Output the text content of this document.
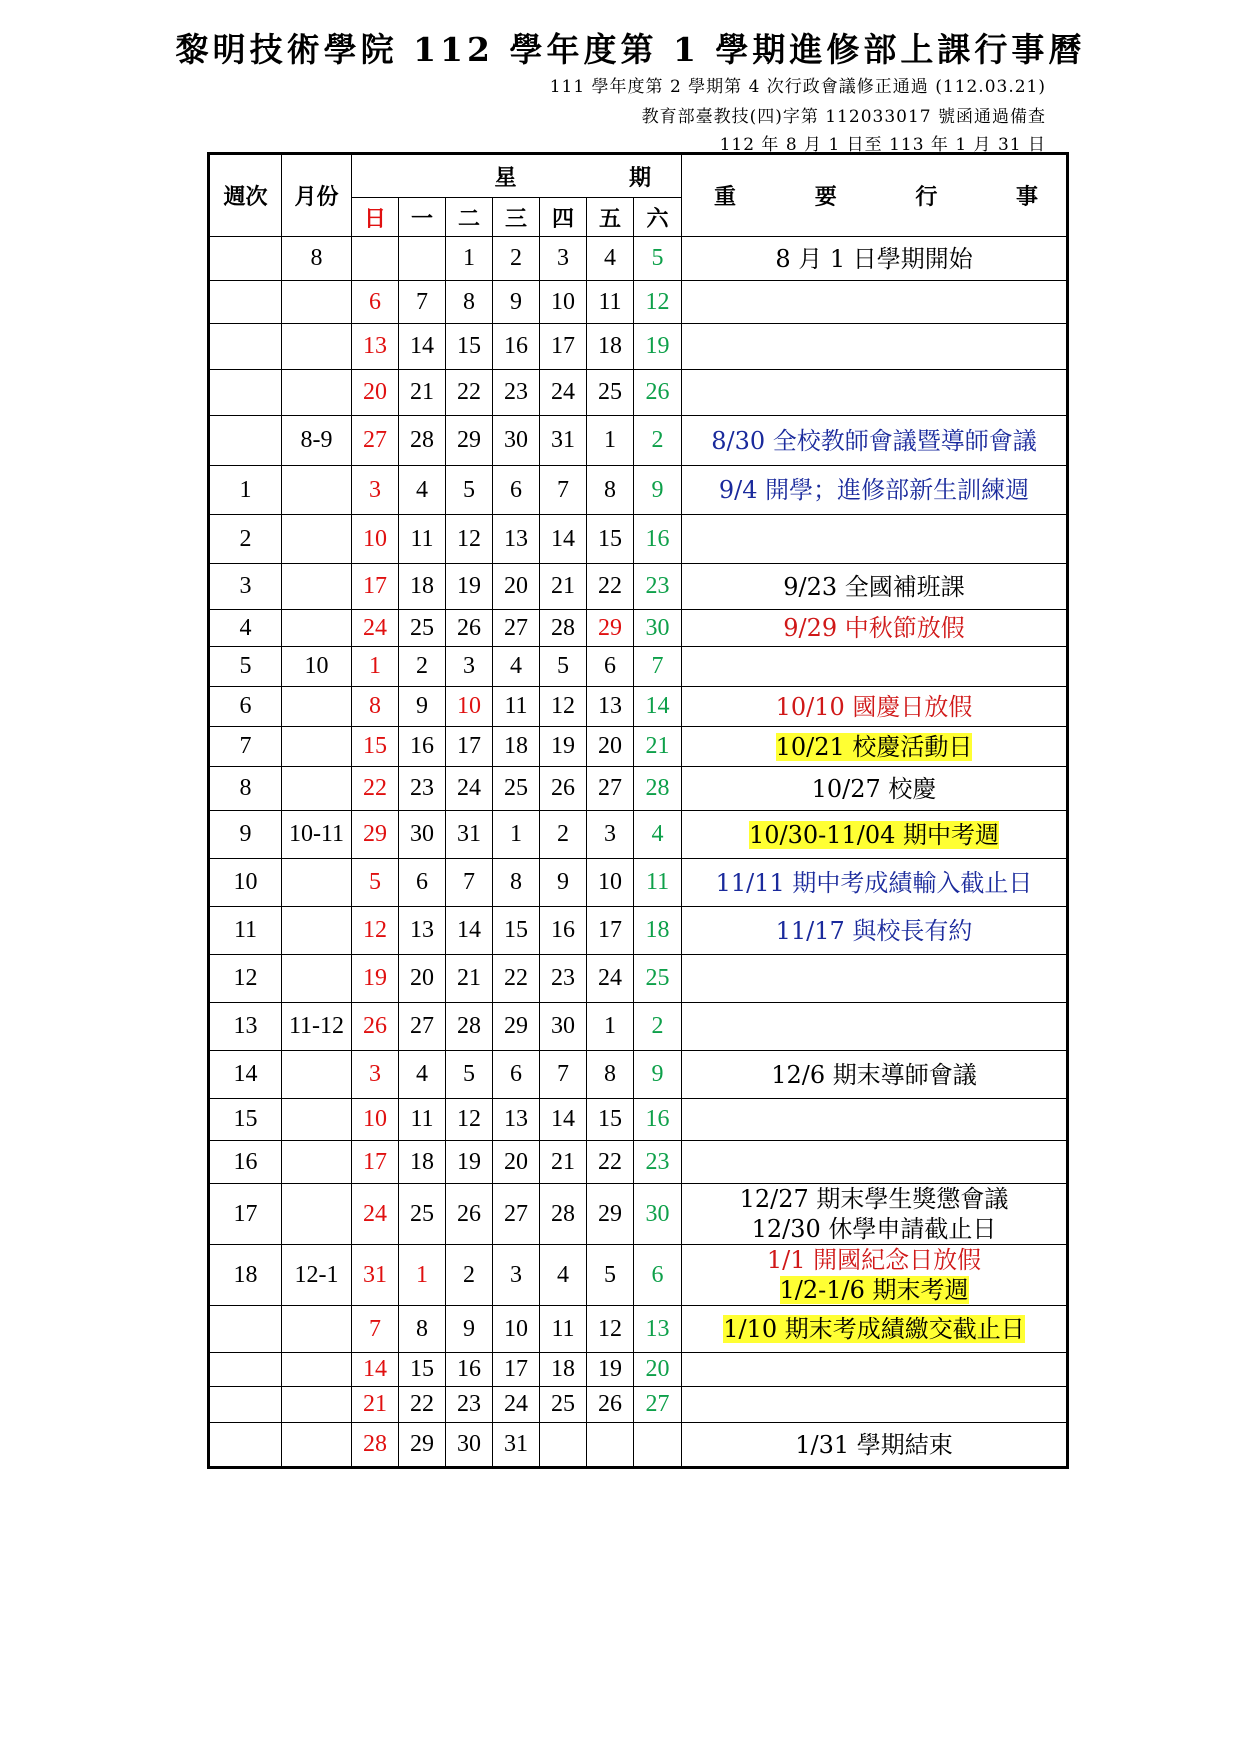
黎明技術學院 112 學年度第 1 學期進修部上課行事曆
111 學年度第 2 學期第 4 次行政會議修正通過 (112.03.21)
教育部臺教技(四)字第 112033017 號函通過備查
112 年 8 月 1 日至 113 年 1 月 31 日
週次	月份	星 期							重 要 行 事

		日	一	二	三	四	五	六	
	8			1	2	3	4	5	8 月 1 日學期開始

		6	7	8	9	10	11	12	
		13	14	15	16	17	18	19	
		20	21	22	23	24	25	26	
	8-9	27	28	29	30	31	1	2	8/30 全校教師會議暨導師會議

1		3	4	5	6	7	8	9	9/4 開學；進修部新生訓練週

2		10	11	12	13	14	15	16	
3		17	18	19	20	21	22	23	9/23 全國補班課

4		24	25	26	27	28	29	30	9/29 中秋節放假

5	10	1	2	3	4	5	6	7	
6		8	9	10	11	12	13	14	10/10 國慶日放假

7		15	16	17	18	19	20	21	10/21 校慶活動日

8		22	23	24	25	26	27	28	10/27 校慶

9	10-11	29	30	31	1	2	3	4	10/30-11/04 期中考週

10		5	6	7	8	9	10	11	11/11 期中考成績輸入截止日

11		12	13	14	15	16	17	18	11/17 與校長有約

12		19	20	21	22	23	24	25	
13	11-12	26	27	28	29	30	1	2	
14		3	4	5	6	7	8	9	12/6 期末導師會議

15		10	11	12	13	14	15	16	
16		17	18	19	20	21	22	23	
17		24	25	26	27	28	29	30	12/27 期末學生獎懲會議
12/30 休學申請截止日

18	12-1	31	1	2	3	4	5	6	1/1 開國紀念日放假
1/2-1/6 期末考週

		7	8	9	10	11	12	13	1/10 期末考成績繳交截止日

		14	15	16	17	18	19	20	
		21	22	23	24	25	26	27	
		28	29	30	31				1/31 學期結束
